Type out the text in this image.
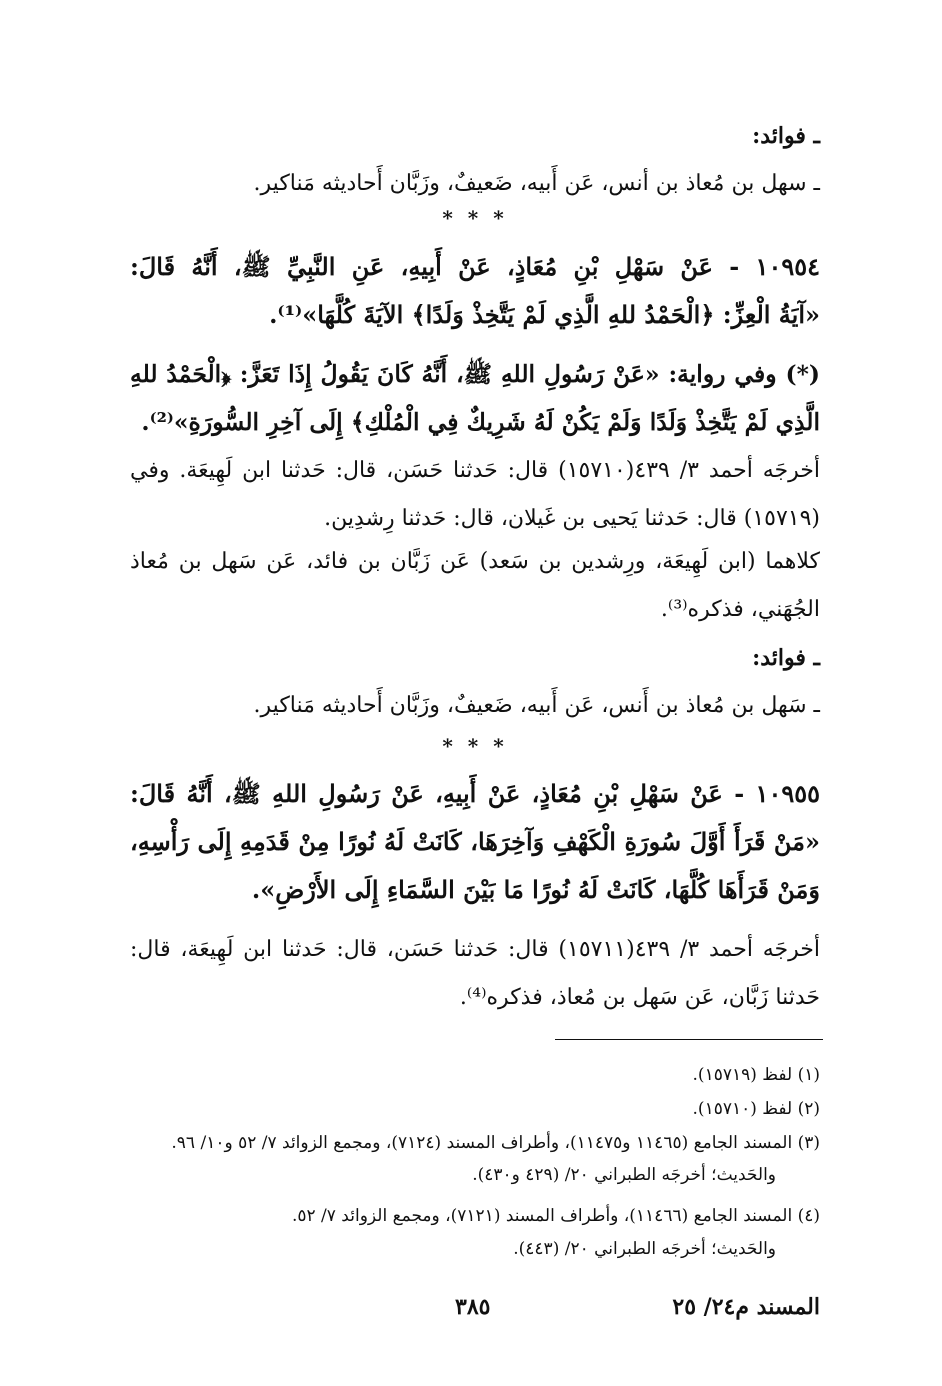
ـ فوائد:
ـ سهل بن مُعاذ بن أنس، عَن أَبيه، ضَعيفٌ، وزَبَّان أَحاديثه مَناكير.
* * *
١٠٩٥٤ - عَنْ سَهْلِ بْنِ مُعَاذٍ، عَنْ أَبِيهِ، عَنِ النَّبِيِّ ﷺ، أَنَّهُ قَالَ:
«آيَةُ الْعِزِّ: ﴿الْحَمْدُ للهِ الَّذِي لَمْ يَتَّخِذْ وَلَدًا﴾ الآيَةَ كُلَّهَا»⁽¹⁾.
(*) وفي رواية: «عَنْ رَسُولِ اللهِ ﷺ، أَنَّهُ كَانَ يَقُولُ إِذَا تَعَزَّ: ﴿الْحَمْدُ للهِ
الَّذِي لَمْ يَتَّخِذْ وَلَدًا وَلَمْ يَكُنْ لَهُ شَرِيكٌ فِي الْمُلْكِ﴾ إِلَى آخِرِ السُّورَةِ»⁽²⁾.
أخرجَه أحمد ٣/ ٤٣٩(١٥٧١٠) قال: حَدثنا حَسَن، قال: حَدثنا ابن لَهِيعَة. وفي
(١٥٧١٩) قال: حَدثنا يَحيى بن غَيلان، قال: حَدثنا رِشدِين.
كلاهما (ابن لَهِيعَة، ورِشدين بن سَعد) عَن زَبَّان بن فائد، عَن سَهل بن مُعاذ
الجُهَني، فذكره⁽³⁾.
ـ فوائد:
ـ سَهل بن مُعاذ بن أَنس، عَن أَبيه، ضَعيفٌ، وزَبَّان أَحاديثه مَناكير.
* * *
١٠٩٥٥ - عَنْ سَهْلِ بْنِ مُعَاذٍ، عَنْ أَبِيهِ، عَنْ رَسُولِ اللهِ ﷺ، أَنَّهُ قَالَ:
«مَنْ قَرَأَ أَوَّلَ سُورَةِ الْكَهْفِ وَآخِرَهَا، كَانَتْ لَهُ نُورًا مِنْ قَدَمِهِ إِلَى رَأْسِهِ،
وَمَنْ قَرَأَهَا كُلَّهَا، كَانَتْ لَهُ نُورًا مَا بَيْنَ السَّمَاءِ إِلَى الأَرْضِ».
أخرجَه أحمد ٣/ ٤٣٩(١٥٧١١) قال: حَدثنا حَسَن، قال: حَدثنا ابن لَهِيعَة، قال:
حَدثنا زَبَّان، عَن سَهل بن مُعاذ، فذكره⁽⁴⁾.
(١) لفظ (١٥٧١٩).
(٢) لفظ (١٥٧١٠).
(٣) المسند الجامع (١١٤٦٥ و١١٤٧٥)، وأطراف المسند (٧١٢٤)، ومجمع الزوائد ٧/ ٥٢ و١٠/ ٩٦.
والحَديث؛ أخرجَه الطبراني ٢٠/ (٤٢٩ و٤٣٠).
(٤) المسند الجامع (١١٤٦٦)، وأطراف المسند (٧١٢١)، ومجمع الزوائد ٧/ ٥٢.
والحَديث؛ أخرجَه الطبراني ٢٠/ (٤٤٣).
٣٨٥	المسند م٢٤/ ٢٥
